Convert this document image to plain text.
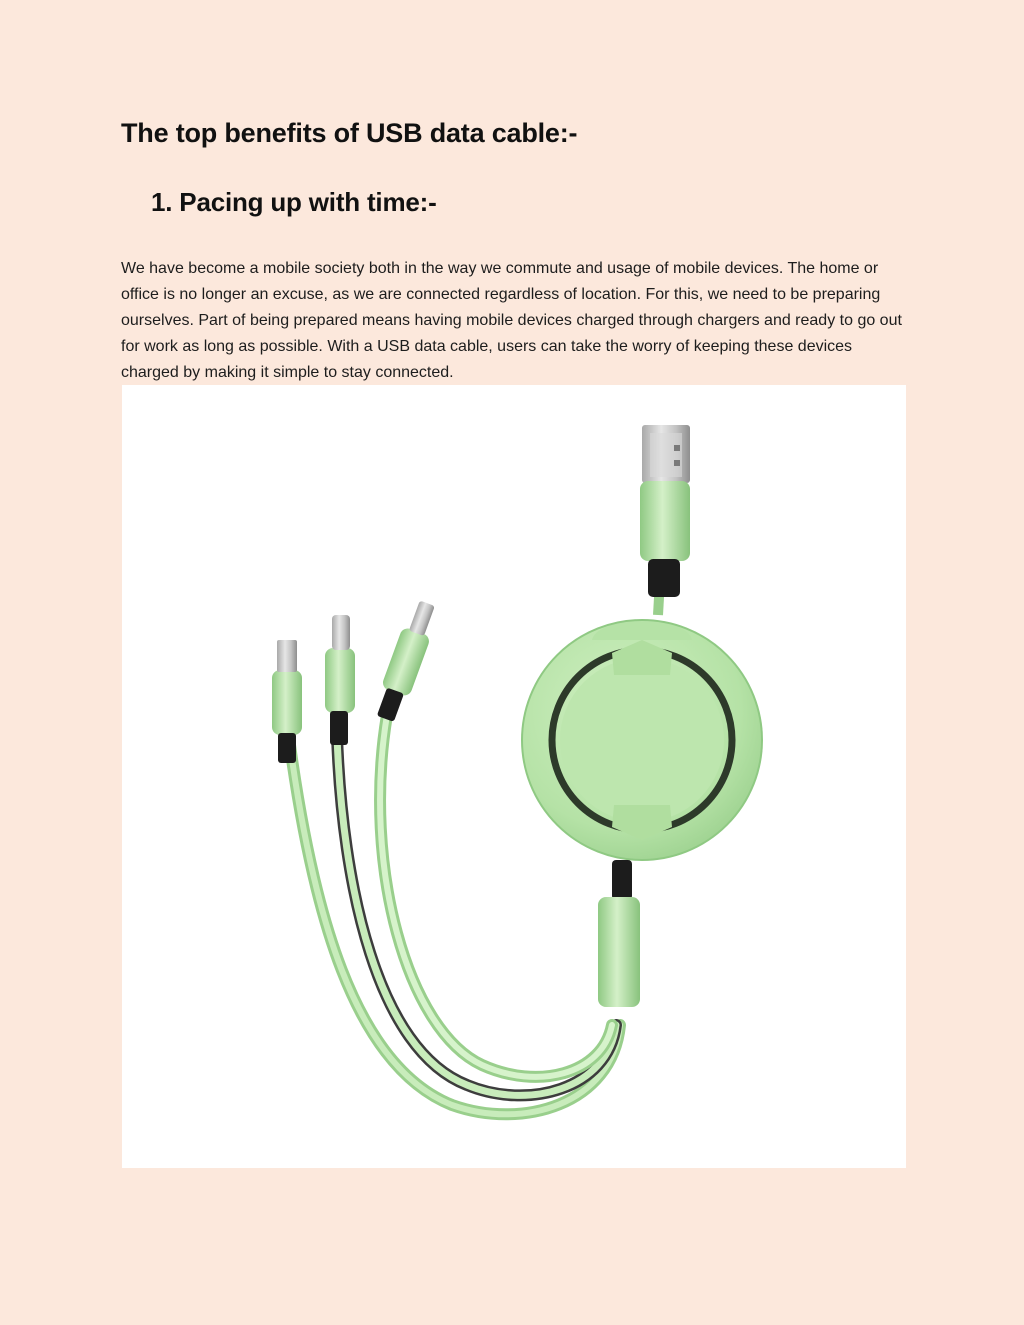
The top benefits of USB data cable:-
1. Pacing up with time:-

We have become a mobile society both in the way we commute and usage of mobile devices. The home or office is no longer an excuse, as we are connected regardless of location. For this, we need to be preparing ourselves. Part of being prepared means having mobile devices charged through chargers and ready to go out for work as long as possible. With a USB data cable, users can take the worry of keeping these devices charged by making it simple to stay connected.
